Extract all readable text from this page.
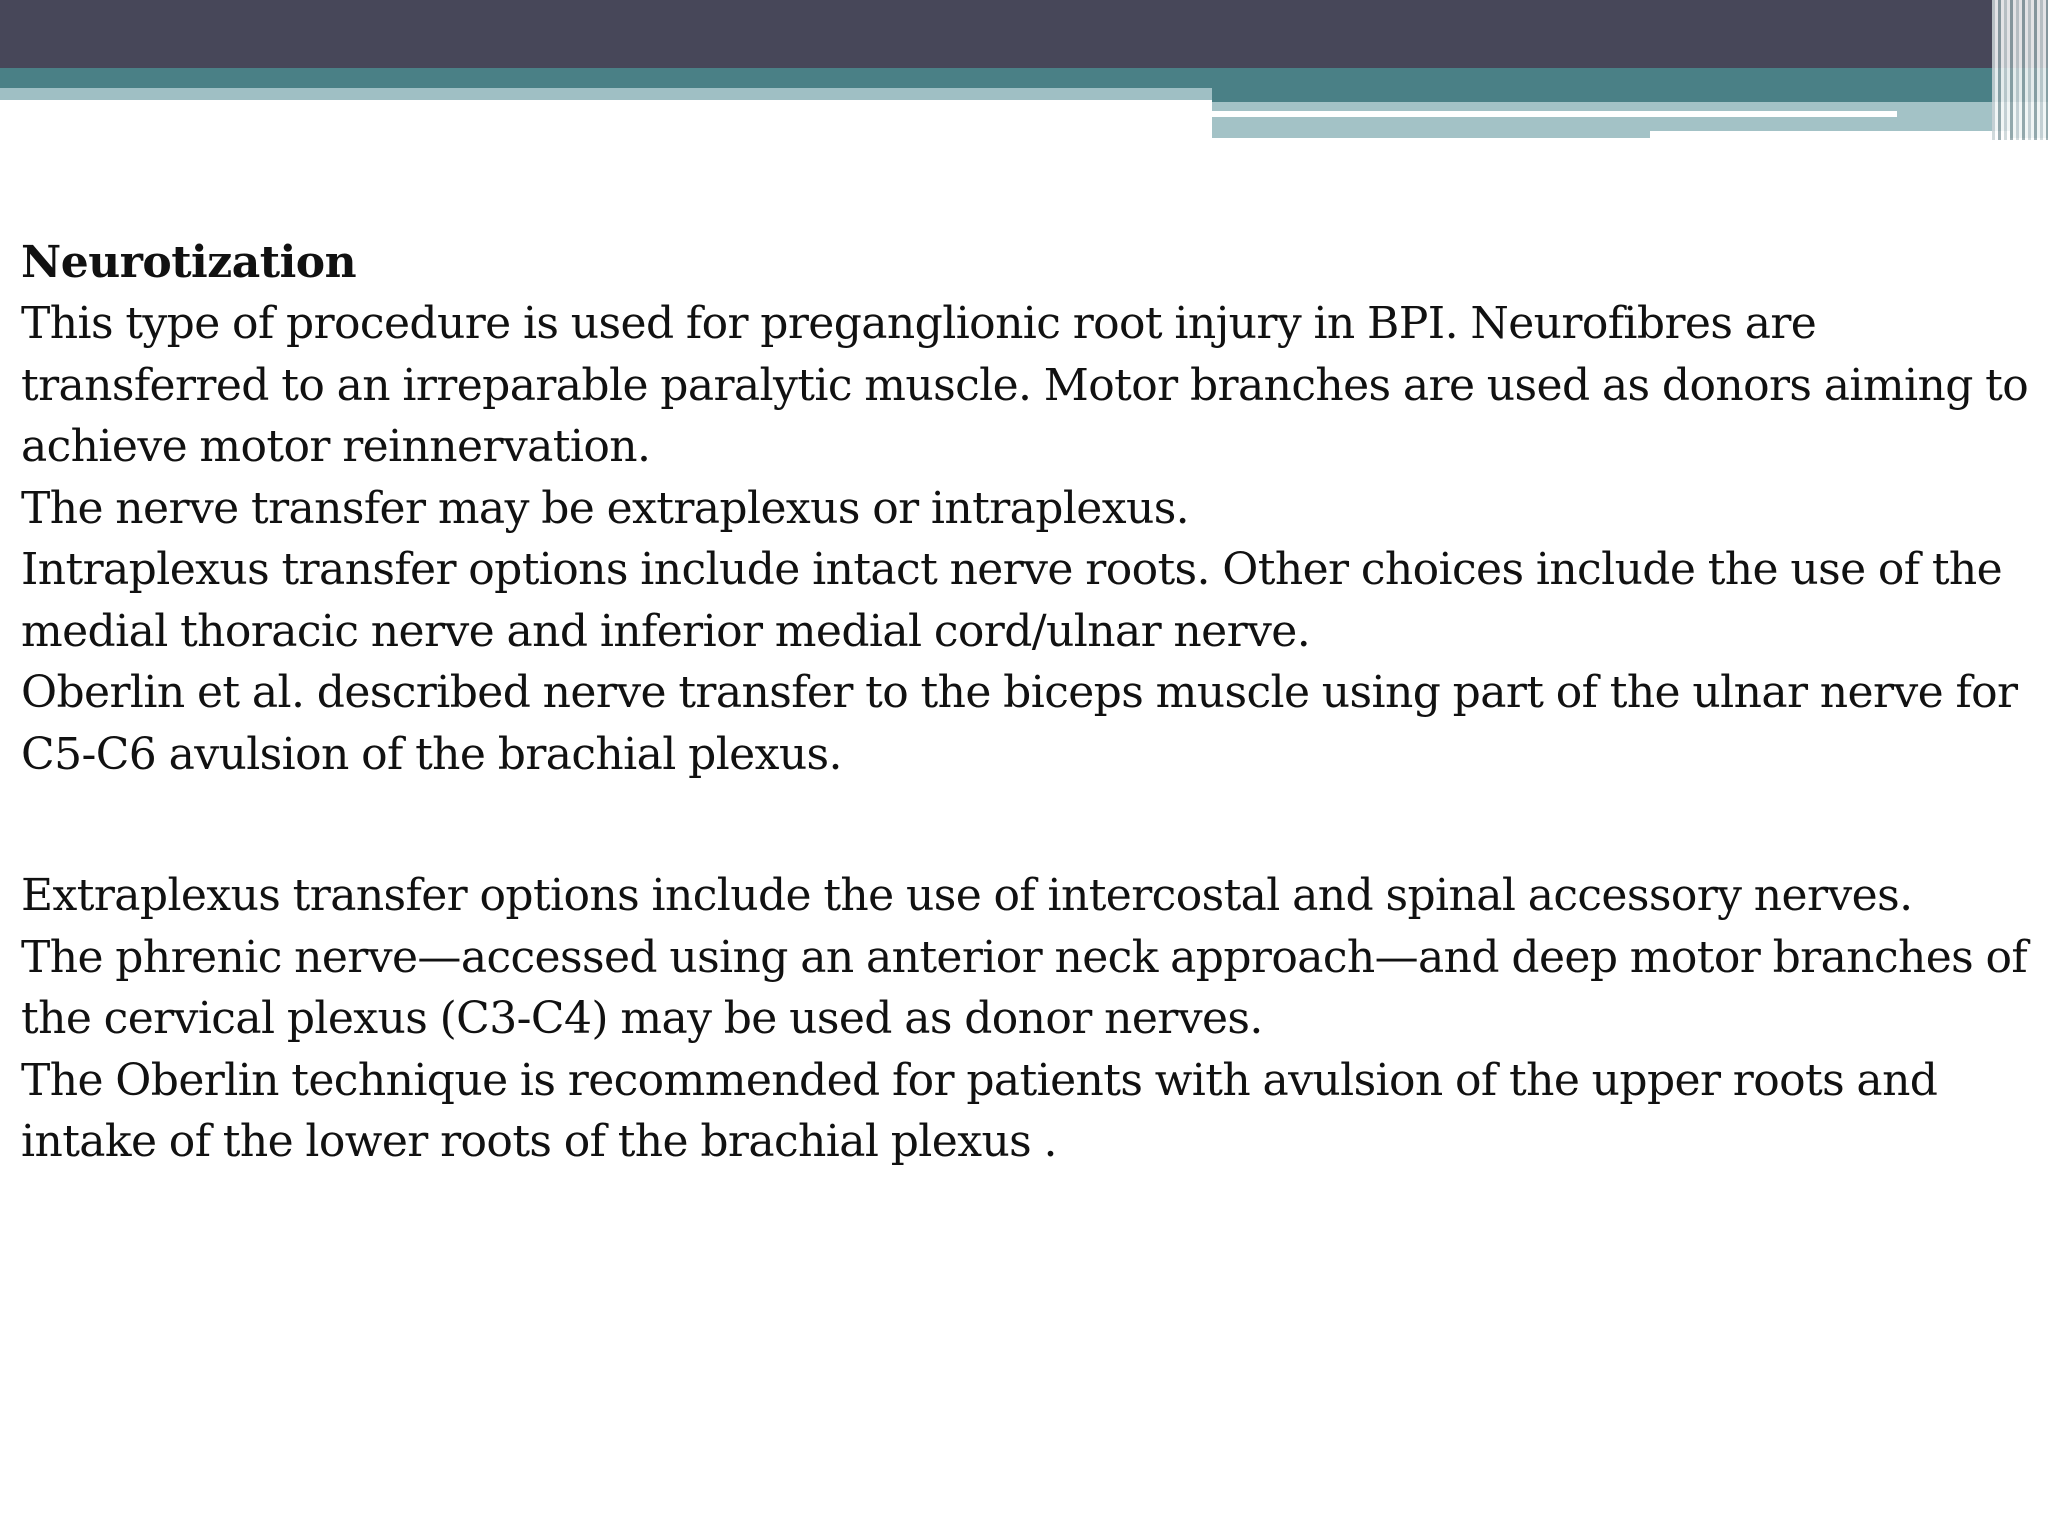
Neurotization

This type of procedure is used for preganglionic root injury in BPI. Neurofibres are transferred to an irreparable paralytic muscle. Motor branches are used as donors aiming to achieve motor reinnervation.

The nerve transfer may be extraplexus or intraplexus.

Intraplexus transfer options include intact nerve roots. Other choices include the use of the medial thoracic nerve and inferior medial cord/ulnar nerve.

Oberlin et al. described nerve transfer to the biceps muscle using part of the ulnar nerve for C5-C6 avulsion of the brachial plexus.

Extraplexus transfer options include the use of intercostal and spinal accessory nerves.

The phrenic nerve—accessed using an anterior neck approach—and deep motor branches of the cervical plexus (C3-C4) may be used as donor nerves.

The Oberlin technique is recommended for patients with avulsion of the upper roots and intake of the lower roots of the brachial plexus .
